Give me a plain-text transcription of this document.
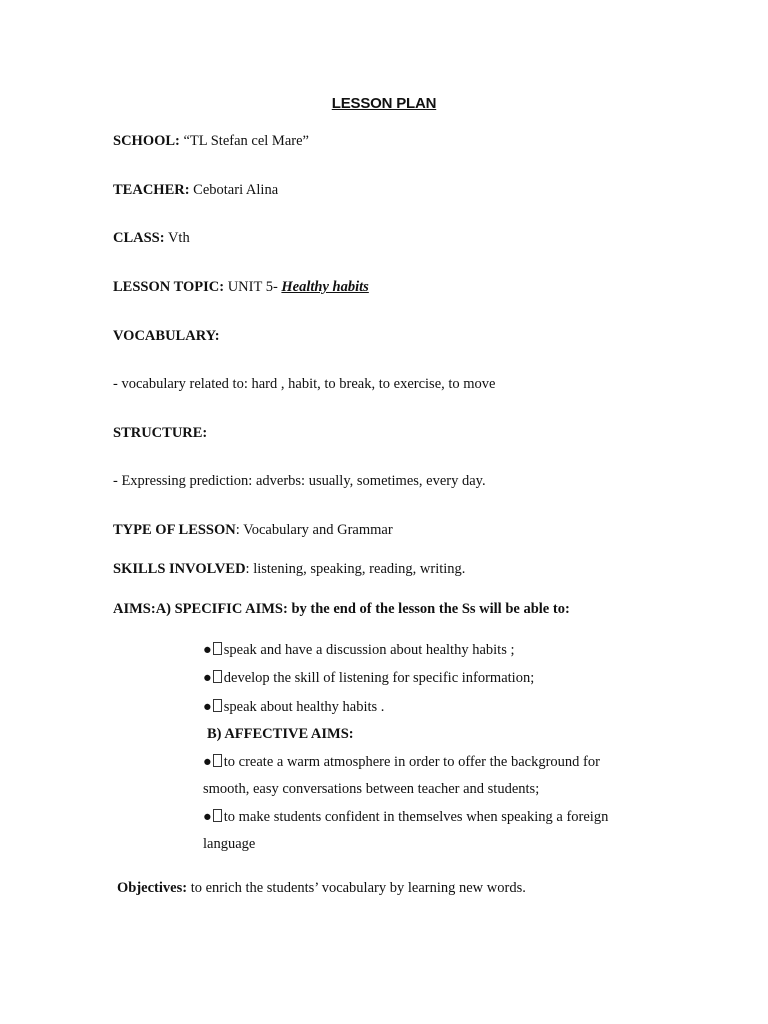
LESSON PLAN
SCHOOL: “TL Stefan cel Mare”
TEACHER: Cebotari Alina
CLASS: Vth
LESSON TOPIC: UNIT 5- Healthy habits
VOCABULARY:
- vocabulary related to: hard , habit, to break, to exercise, to move
STRUCTURE:
- Expressing prediction: adverbs: usually, sometimes, every day.
TYPE OF LESSON: Vocabulary and Grammar
SKILLS INVOLVED: listening, speaking, reading, writing.
AIMS:A) SPECIFIC AIMS: by the end of the lesson the Ss will be able to:
● speak and have a discussion about healthy habits ;
● develop the skill of listening for specific information;
● speak about healthy habits .
B) AFFECTIVE AIMS:
● to create a warm atmosphere in order to offer the background for
smooth, easy conversations between teacher and students;
● to make students confident in themselves when speaking a foreign
language
Objectives: to enrich the students’ vocabulary by learning new words.
